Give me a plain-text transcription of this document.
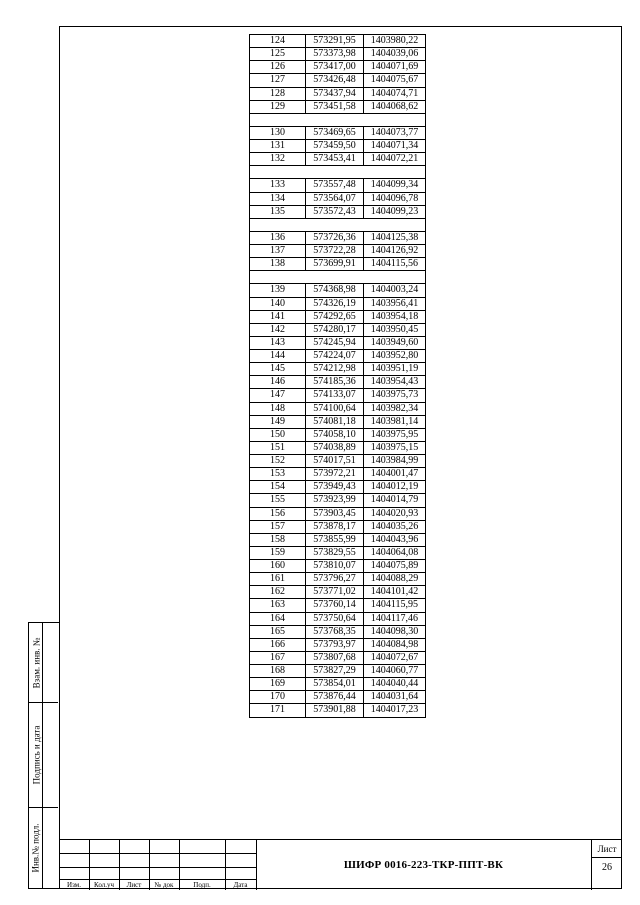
Взам. инв. №
Подпись и дата
Инв.№ подл.
124	573291,95	1403980,22
125	573373,98	1404039,06
126	573417,00	1404071,69
127	573426,48	1404075,67
128	573437,94	1404074,71
129	573451,58	1404068,62

130	573469,65	1404073,77
131	573459,50	1404071,34
132	573453,41	1404072,21

133	573557,48	1404099,34
134	573564,07	1404096,78
135	573572,43	1404099,23

136	573726,36	1404125,38
137	573722,28	1404126,92
138	573699,91	1404115,56

139	574368,98	1404003,24
140	574326,19	1403956,41
141	574292,65	1403954,18
142	574280,17	1403950,45
143	574245,94	1403949,60
144	574224,07	1403952,80
145	574212,98	1403951,19
146	574185,36	1403954,43
147	574133,07	1403975,73
148	574100,64	1403982,34
149	574081,18	1403981,14
150	574058,10	1403975,95
151	574038,89	1403975,15
152	574017,51	1403984,99
153	573972,21	1404001,47
154	573949,43	1404012,19
155	573923,99	1404014,79
156	573903,45	1404020,93
157	573878,17	1404035,26
158	573855,99	1404043,96
159	573829,55	1404064,08
160	573810,07	1404075,89
161	573796,27	1404088,29
162	573771,02	1404101,42
163	573760,14	1404115,95
164	573750,64	1404117,46
165	573768,35	1404098,30
166	573793,97	1404084,98
167	573807,68	1404072,67
168	573827,29	1404060,77
169	573854,01	1404040,44
170	573876,44	1404031,64
171	573901,88	1404017,23
Изм.	Кол.уч	Лист	№ док	Подп.	Дата
ШИФР 0016-223-ТКР-ППТ-ВК
Лист
26
